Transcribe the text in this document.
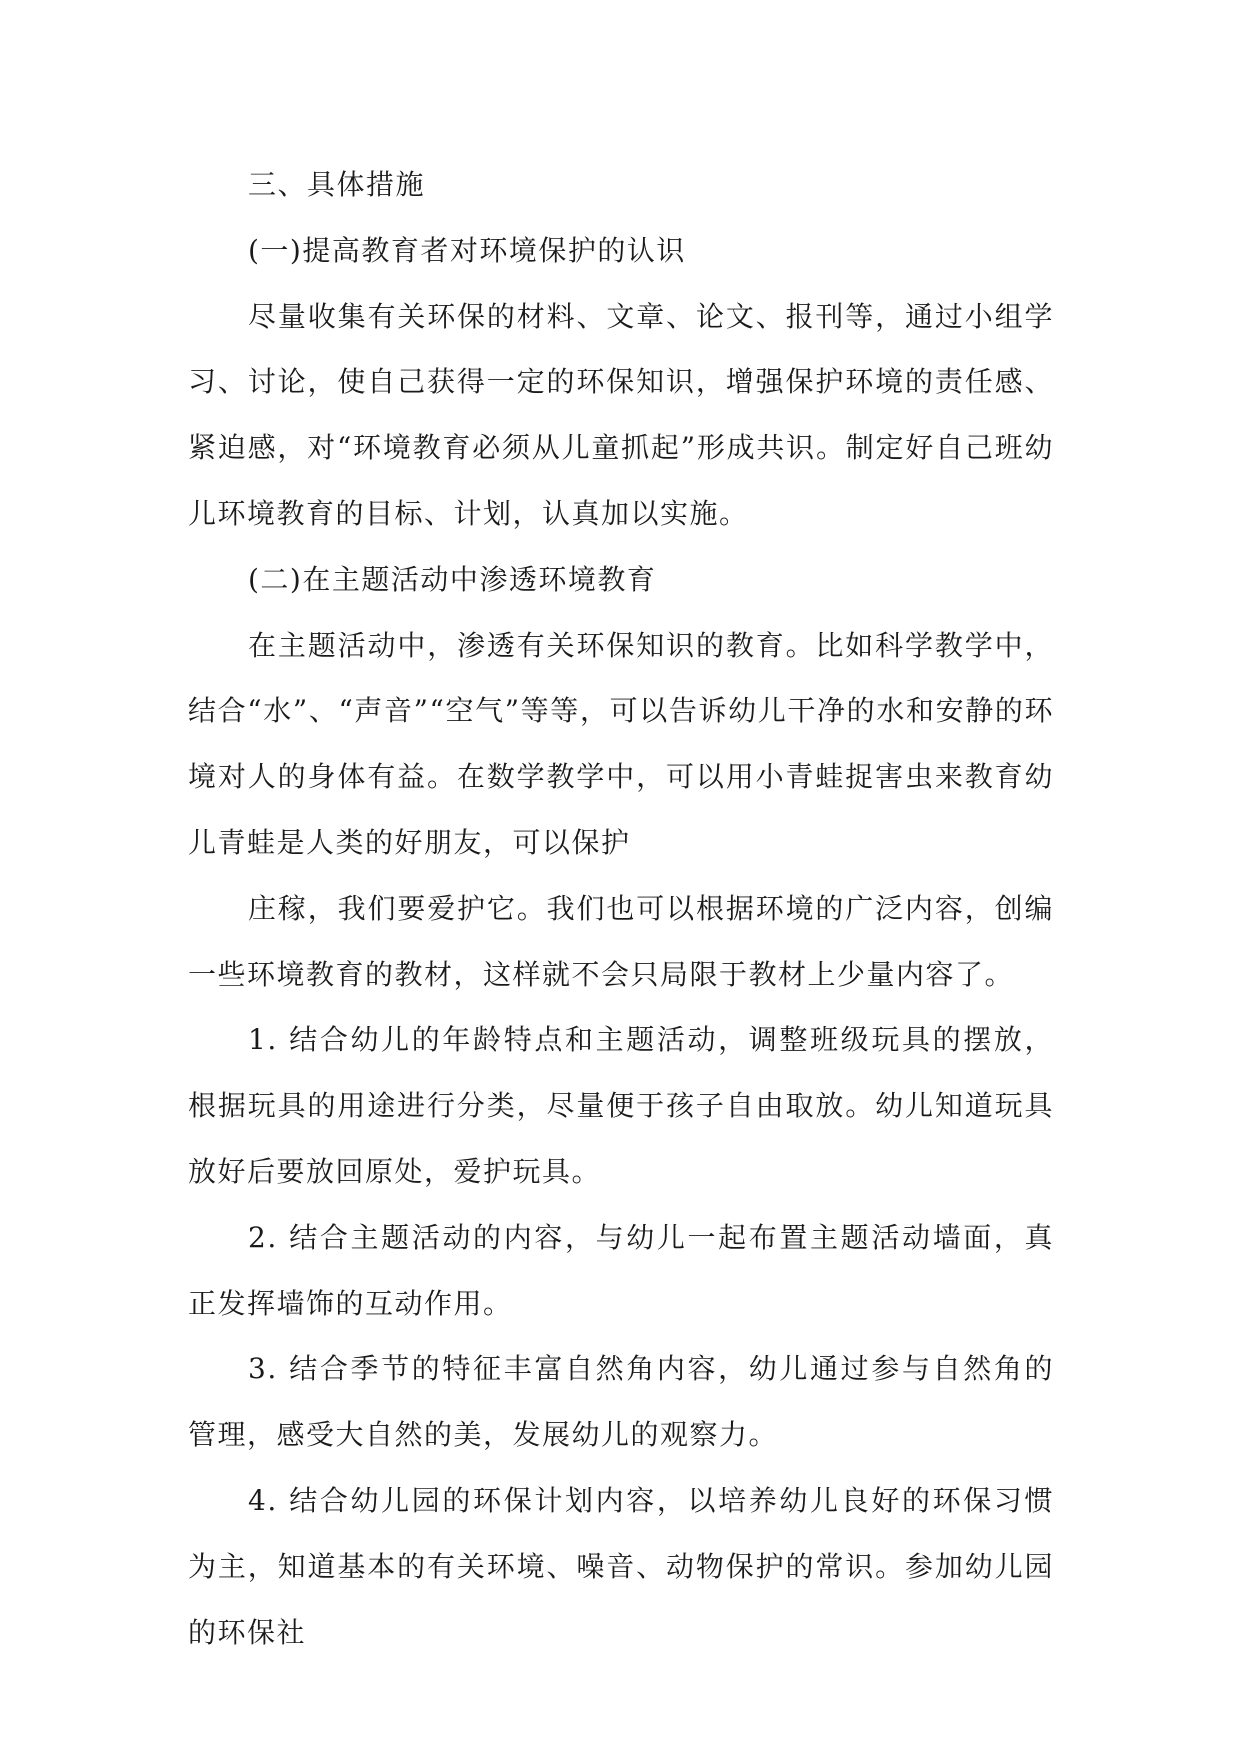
三、具体措施

(一)提高教育者对环境保护的认识

尽量收集有关环保的材料、文章、论文、报刊等，通过小组学习、讨论，使自己获得一定的环保知识，增强保护环境的责任感、紧迫感，对“环境教育必须从儿童抓起”形成共识。制定好自己班幼儿环境教育的目标、计划，认真加以实施。

(二)在主题活动中渗透环境教育

在主题活动中，渗透有关环保知识的教育。比如科学教学中，结合“水”、“声音”“空气”等等，可以告诉幼儿干净的水和安静的环境对人的身体有益。在数学教学中，可以用小青蛙捉害虫来教育幼儿青蛙是人类的好朋友，可以保护

庄稼，我们要爱护它。我们也可以根据环境的广泛内容，创编一些环境教育的教材，这样就不会只局限于教材上少量内容了。

1. 结合幼儿的年龄特点和主题活动，调整班级玩具的摆放，根据玩具的用途进行分类，尽量便于孩子自由取放。幼儿知道玩具放好后要放回原处，爱护玩具。

2. 结合主题活动的内容，与幼儿一起布置主题活动墙面，真正发挥墙饰的互动作用。

3. 结合季节的特征丰富自然角内容，幼儿通过参与自然角的管理，感受大自然的美，发展幼儿的观察力。

4. 结合幼儿园的环保计划内容，以培养幼儿良好的环保习惯为主，知道基本的有关环境、噪音、动物保护的常识。参加幼儿园的环保社
